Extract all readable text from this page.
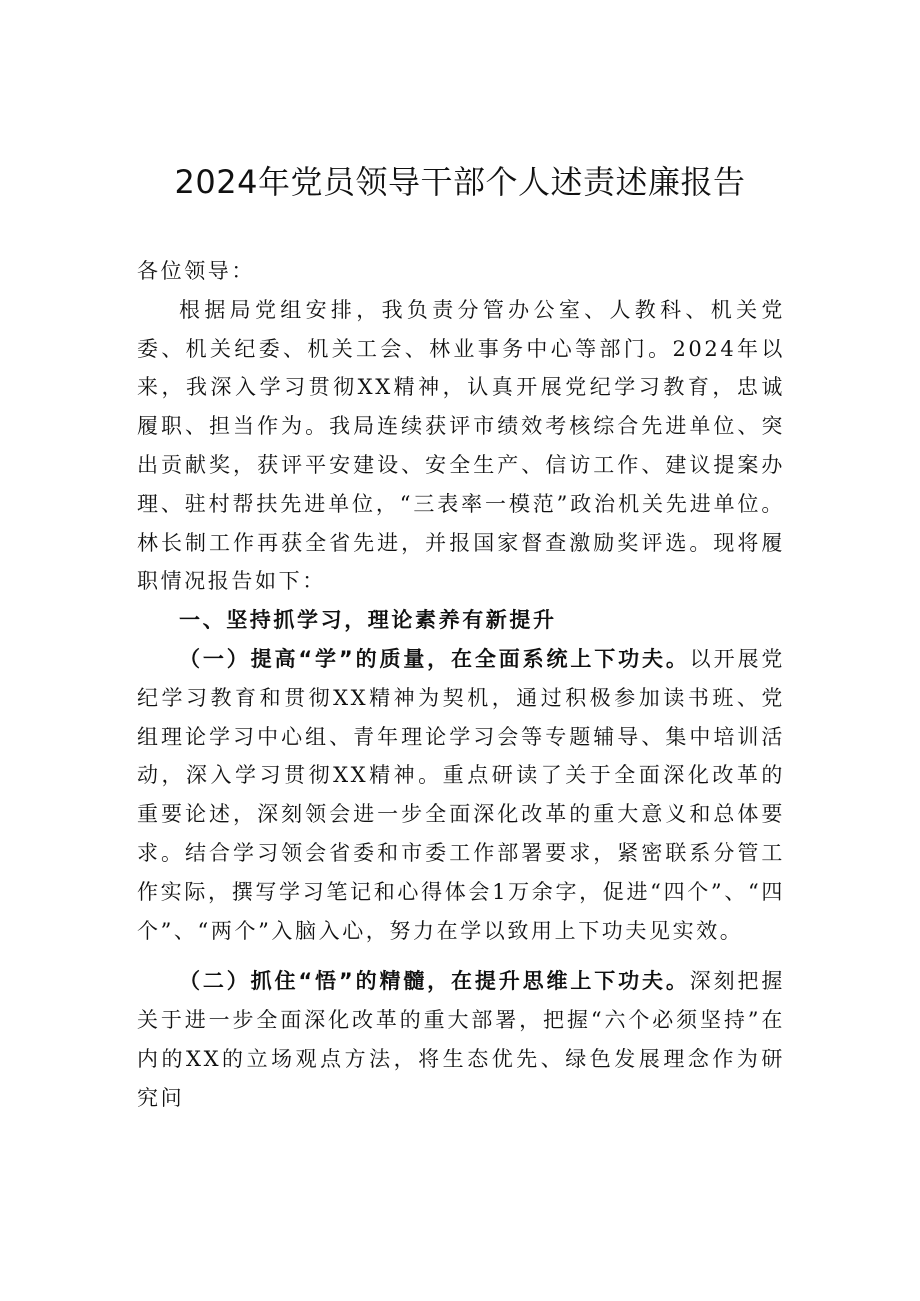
2024年党员领导干部个人述责述廉报告

各位领导：

根据局党组安排，我负责分管办公室、人教科、机关党委、机关纪委、机关工会、林业事务中心等部门。2024年以来，我深入学习贯彻XX精神，认真开展党纪学习教育，忠诚履职、担当作为。我局连续获评市绩效考核综合先进单位、突出贡献奖，获评平安建设、安全生产、信访工作、建议提案办理、驻村帮扶先进单位，“三表率一模范”政治机关先进单位。林长制工作再获全省先进，并报国家督查激励奖评选。现将履职情况报告如下：

一、坚持抓学习，理论素养有新提升

（一）提高“学”的质量，在全面系统上下功夫。以开展党纪学习教育和贯彻XX精神为契机，通过积极参加读书班、党组理论学习中心组、青年理论学习会等专题辅导、集中培训活动，深入学习贯彻XX精神。重点研读了关于全面深化改革的重要论述，深刻领会进一步全面深化改革的重大意义和总体要求。结合学习领会省委和市委工作部署要求，紧密联系分管工作实际，撰写学习笔记和心得体会1万余字，促进“四个”、“四个”、“两个”入脑入心，努力在学以致用上下功夫见实效。

（二）抓住“悟”的精髓，在提升思维上下功夫。深刻把握关于进一步全面深化改革的重大部署，把握“六个必须坚持”在内的XX的立场观点方法，将生态优先、绿色发展理念作为研究问
